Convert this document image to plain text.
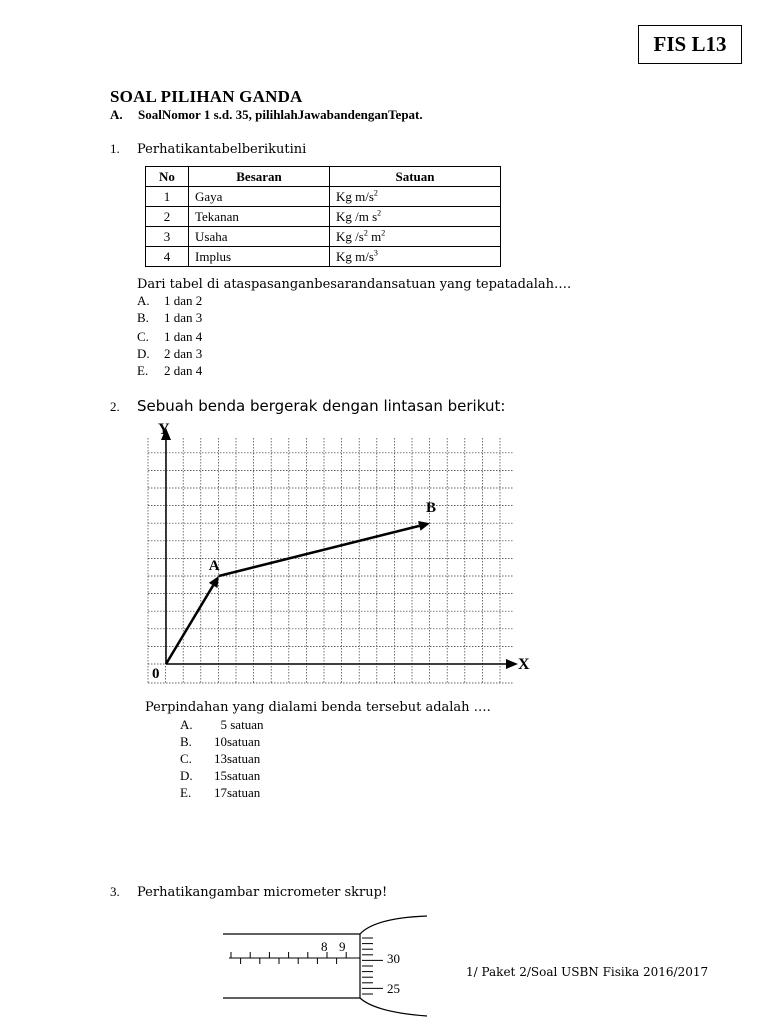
FIS L13
SOAL PILIHAN GANDA
A. SoalNomor 1 s.d. 35, pilihlahJawabandenganTepat.
1. Perhatikantabelberikutini
No	Besaran	Satuan
1	Gaya	Kg $m/s^2$
2	Tekanan	Kg /m $s^2$
3	Usaha	Kg $/s^2$ $m^2$
4	Implus	Kg $m/s^3$
Dari tabel di ataspasanganbesarandansatuan yang tepatadalah….
A. 1 dan 2
B. 1 dan 3
C. 1 dan 4
D. 2 dan 3
E. 2 dan 4
2. Sebuah benda bergerak dengan lintasan berikut:
Y
X
0
A
B
Perpindahan yang dialami benda tersebut adalah ….
A.  5 satuan
B. 10satuan
C. 13satuan
D. 15satuan
E. 17satuan
3. Perhatikangambar micrometer skrup!
8 9
30
25
1/ Paket 2/Soal USBN Fisika 2016/2017
